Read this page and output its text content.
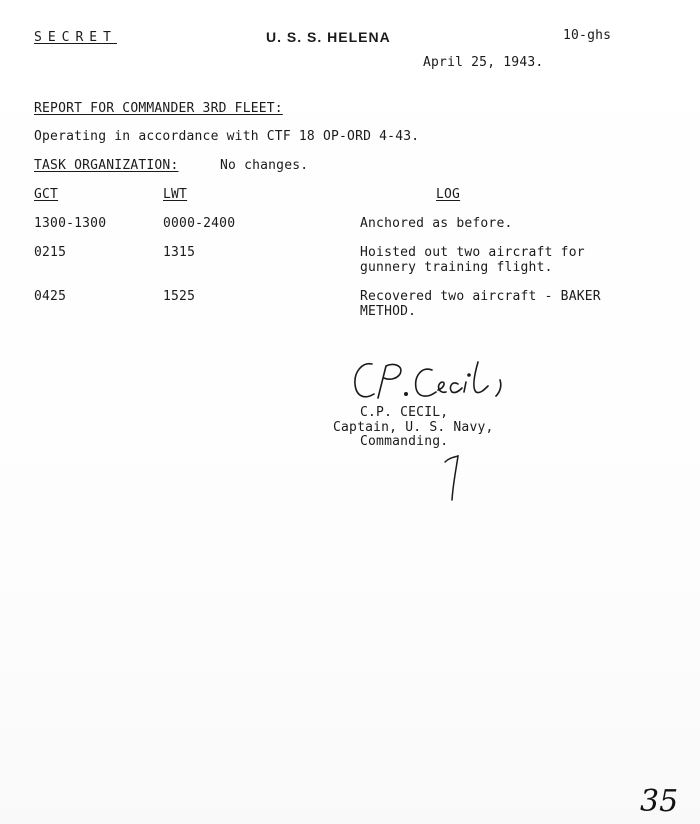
SECRET	U. S. S. HELENA	10-ghs
April 25, 1943.
REPORT FOR COMMANDER 3RD FLEET:
Operating in accordance with CTF 18 OP-ORD 4-43.
TASK ORGANIZATION:	No changes.
GCT	LWT	LOG
1300-1300	0000-2400	Anchored as before.
0215	1315	Hoisted out two aircraft for
gunnery training flight.
0425	1525	Recovered two aircraft - BAKER
METHOD.
C.P. CECIL,
Captain, U. S. Navy,
Commanding.
35
